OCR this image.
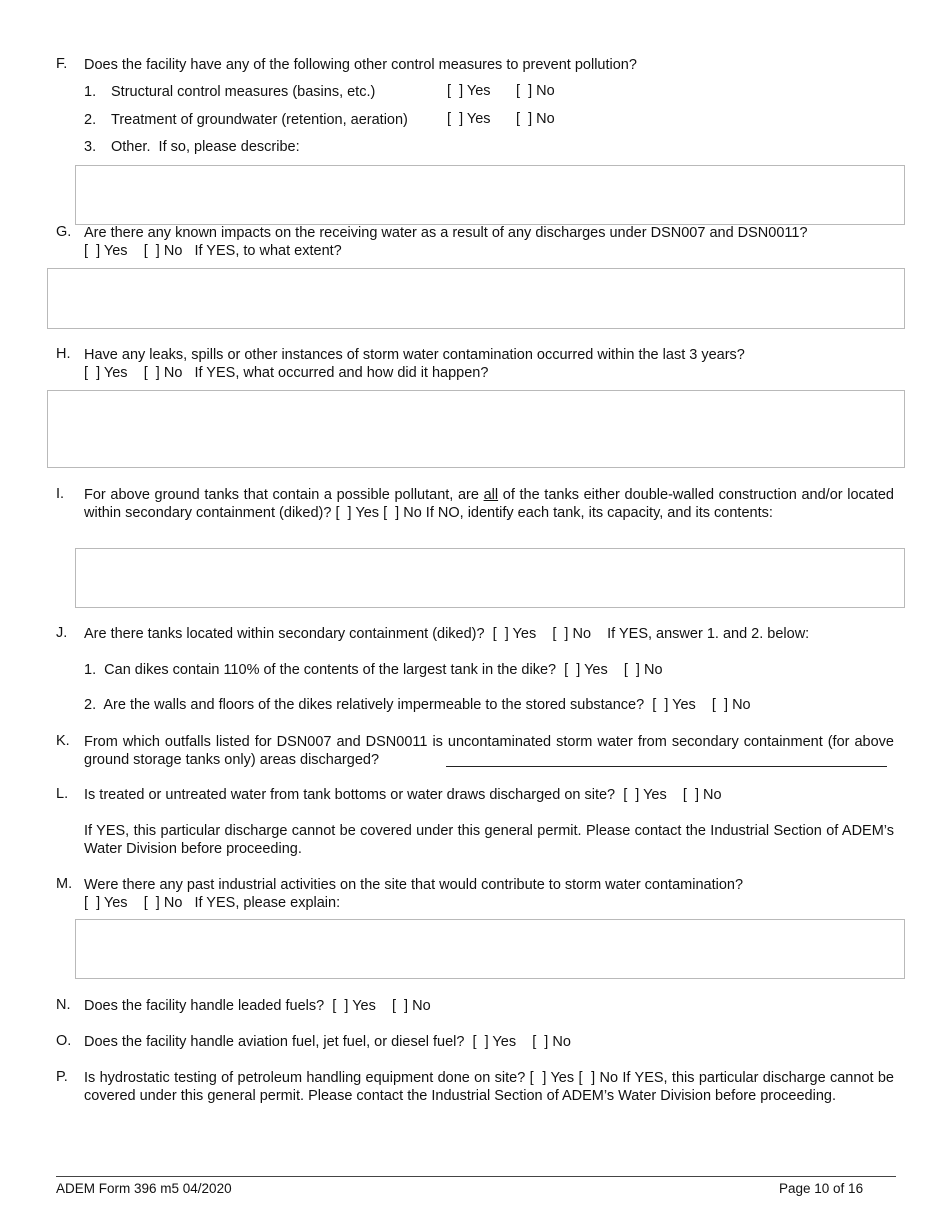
F. Does the facility have any of the following other control measures to prevent pollution?
1. Structural control measures (basins, etc.)	[  ] Yes [  ] No
2. Treatment of groundwater (retention, aeration)	[  ] Yes [  ] No
3. Other.  If so, please describe:
G. Are there any known impacts on the receiving water as a result of any discharges under DSN007 and DSN0011?
[  ] Yes [  ] No If YES, to what extent?
H. Have any leaks, spills or other instances of storm water contamination occurred within the last 3 years?
[  ] Yes [  ] No If YES, what occurred and how did it happen?
I. For above ground tanks that contain a possible pollutant, are all of the tanks either double-walled construction and/or located within secondary containment (diked)? [  ] Yes [  ] No If NO, identify each tank, its capacity, and its contents:
J. Are there tanks located within secondary containment (diked)? [  ] Yes [  ] No If YES, answer 1. and 2. below:
1. Can dikes contain 110% of the contents of the largest tank in the dike? [  ] Yes [  ] No
2. Are the walls and floors of the dikes relatively impermeable to the stored substance? [  ] Yes [  ] No
K. From which outfalls listed for DSN007 and DSN0011 is uncontaminated storm water from secondary containment (for above ground storage tanks only) areas discharged?
L. Is treated or untreated water from tank bottoms or water draws discharged on site? [  ] Yes [  ] No
If YES, this particular discharge cannot be covered under this general permit. Please contact the Industrial Section of ADEM’s Water Division before proceeding.
M. Were there any past industrial activities on the site that would contribute to storm water contamination?
[  ] Yes [  ] No If YES, please explain:
N. Does the facility handle leaded fuels? [  ] Yes [  ] No
O. Does the facility handle aviation fuel, jet fuel, or diesel fuel? [  ] Yes [  ] No
P. Is hydrostatic testing of petroleum handling equipment done on site? [  ] Yes [  ] No If YES, this particular discharge cannot be covered under this general permit. Please contact the Industrial Section of ADEM’s Water Division before proceeding.
ADEM Form 396 m5 04/2020	Page 10 of 16
